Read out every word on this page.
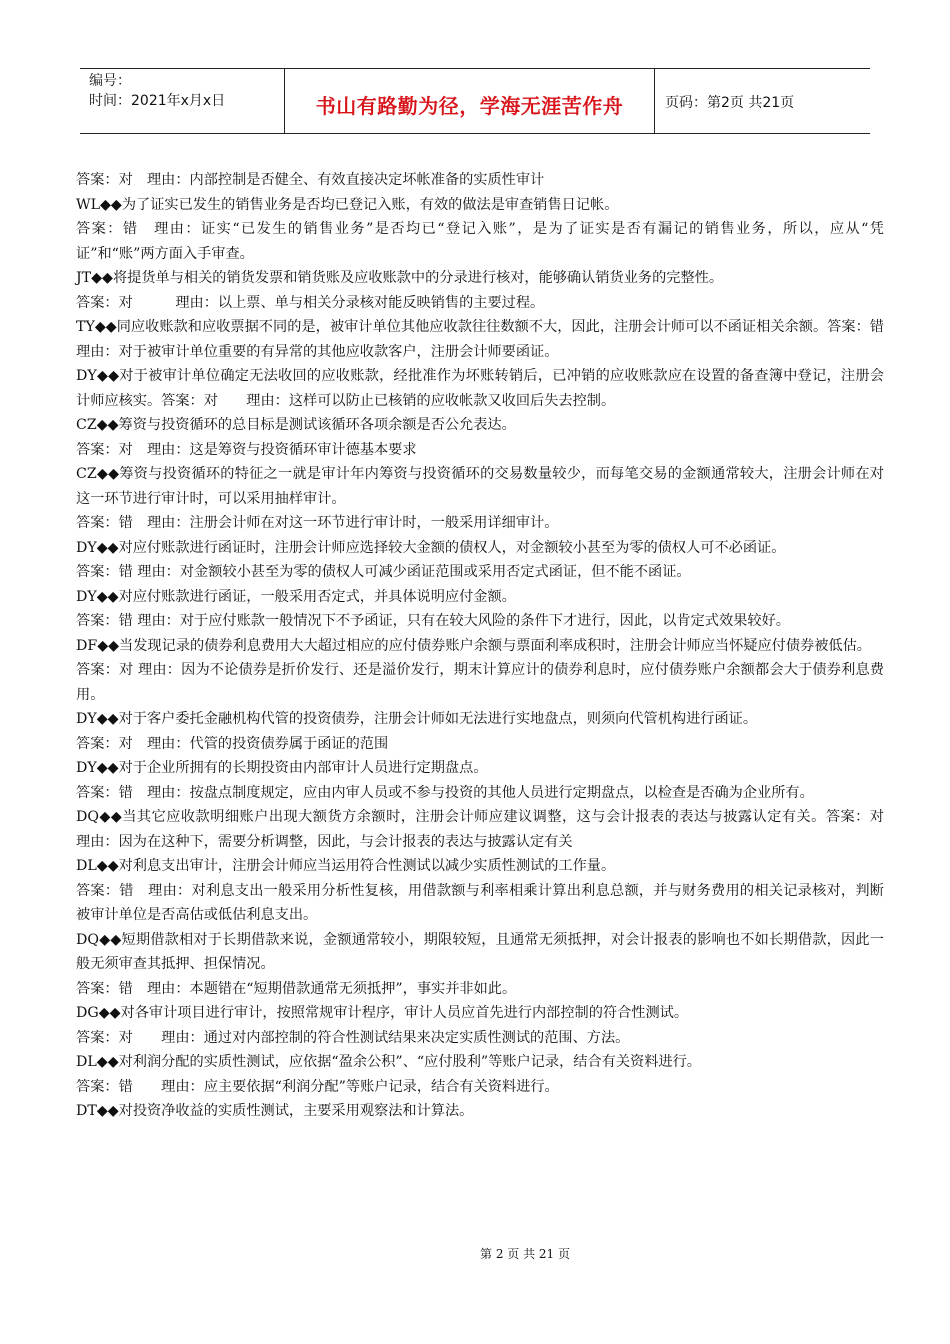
编号：
时间：2021年x月x日	书山有路勤为径，学海无涯苦作舟	页码：第2页 共21页

答案：对　理由：内部控制是否健全、有效直接决定坏帐准备的实质性审计

WL◆◆为了证实已发生的销售业务是否均已登记入账，有效的做法是审查销售日记帐。

答案：错　理由：证实“已发生的销售业务”是否均已“登记入账”，是为了证实是否有漏记的销售业务，所以，应从“凭证”和“账”两方面入手审查。

JT◆◆将提货单与相关的销货发票和销货账及应收账款中的分录进行核对，能够确认销货业务的完整性。

答案：对　　　理由：以上票、单与相关分录核对能反映销售的主要过程。

TY◆◆同应收账款和应收票据不同的是，被审计单位其他应收款往往数额不大，因此，注册会计师可以不函证相关余额。答案：错　　理由：对于被审计单位重要的有异常的其他应收款客户，注册会计师要函证。

DY◆◆对于被审计单位确定无法收回的应收账款，经批准作为坏账转销后，已冲销的应收账款应在设置的备查簿中登记，注册会计师应核实。答案：对　　理由：这样可以防止已核销的应收帐款又收回后失去控制。

CZ◆◆筹资与投资循环的总目标是测试该循环各项余额是否公允表达。

答案：对　理由：这是筹资与投资循环审计德基本要求

CZ◆◆筹资与投资循环的特征之一就是审计年内筹资与投资循环的交易数量较少，而每笔交易的金额通常较大，注册会计师在对这一环节进行审计时，可以采用抽样审计。

答案：错　理由：注册会计师在对这一环节进行审计时，一般采用详细审计。

DY◆◆对应付账款进行函证时，注册会计师应选择较大金额的债权人，对金额较小甚至为零的债权人可不必函证。

答案：错 理由：对金额较小甚至为零的债权人可减少函证范围或采用否定式函证，但不能不函证。

DY◆◆对应付账款进行函证，一般采用否定式，并具体说明应付金额。

答案：错 理由：对于应付账款一般情况下不予函证，只有在较大风险的条件下才进行，因此，以肯定式效果较好。

DF◆◆当发现记录的债券利息费用大大超过相应的应付债券账户余额与票面利率成积时，注册会计师应当怀疑应付债券被低估。

答案：对 理由：因为不论债券是折价发行、还是溢价发行，期末计算应计的债券利息时，应付债券账户余额都会大于债券利息费用。

DY◆◆对于客户委托金融机构代管的投资债券，注册会计师如无法进行实地盘点，则须向代管机构进行函证。

答案：对　理由：代管的投资债券属于函证的范围

DY◆◆对于企业所拥有的长期投资由内部审计人员进行定期盘点。

答案：错　理由：按盘点制度规定，应由内审人员或不参与投资的其他人员进行定期盘点，以检查是否确为企业所有。

DQ◆◆当其它应收款明细账户出现大额货方余额时，注册会计师应建议调整，这与会计报表的表达与披露认定有关。答案：对　理由：因为在这种下，需要分析调整，因此，与会计报表的表达与披露认定有关

DL◆◆对利息支出审计，注册会计师应当运用符合性测试以减少实质性测试的工作量。

答案：错　理由：对利息支出一般采用分析性复核，用借款额与利率相乘计算出利息总额，并与财务费用的相关记录核对，判断被审计单位是否高估或低估利息支出。

DQ◆◆短期借款相对于长期借款来说，金额通常较小，期限较短，且通常无须抵押，对会计报表的影响也不如长期借款，因此一般无须审查其抵押、担保情况。

答案：错　理由：本题错在“短期借款通常无须抵押”，事实并非如此。

DG◆◆对各审计项目进行审计，按照常规审计程序，审计人员应首先进行内部控制的符合性测试。

答案：对　　理由：通过对内部控制的符合性测试结果来决定实质性测试的范围、方法。

DL◆◆对利润分配的实质性测试，应依据“盈余公积”、“应付股利”等账户记录，结合有关资料进行。

答案：错　　理由：应主要依据“利润分配”等账户记录，结合有关资料进行。

DT◆◆对投资净收益的实质性测试，主要采用观察法和计算法。

第 2 页 共 21 页
